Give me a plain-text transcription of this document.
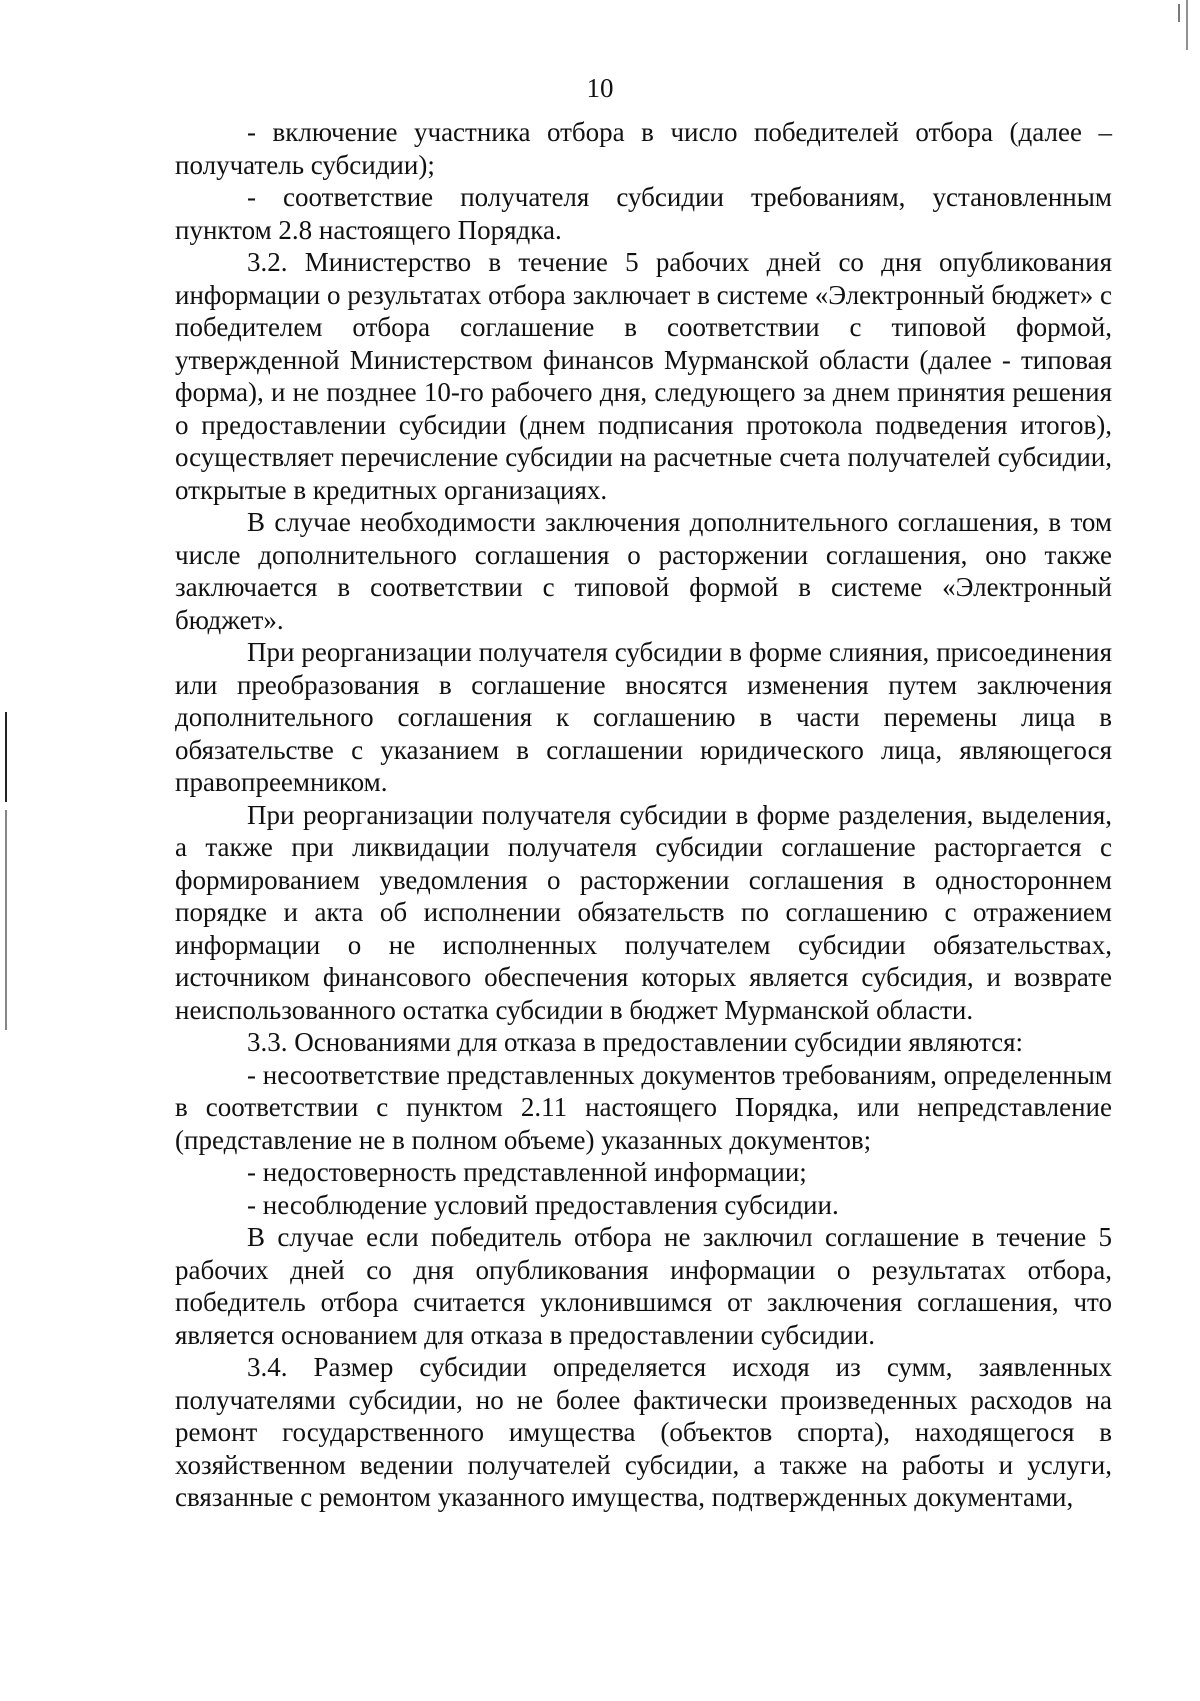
10

- включение участника отбора в число победителей отбора (далее – получатель субсидии);

- соответствие получателя субсидии требованиям, установленным пунктом 2.8 настоящего Порядка.

3.2. Министерство в течение 5 рабочих дней со дня опубликования информации о результатах отбора заключает в системе «Электронный бюджет» с победителем отбора соглашение в соответствии с типовой формой, утвержденной Министерством финансов Мурманской области (далее - типовая форма), и не позднее 10-го рабочего дня, следующего за днем принятия решения о предоставлении субсидии (днем подписания протокола подведения итогов), осуществляет перечисление субсидии на расчетные счета получателей субсидии, открытые в кредитных организациях.

В случае необходимости заключения дополнительного соглашения, в том числе дополнительного соглашения о расторжении соглашения, оно также заключается в соответствии с типовой формой в системе «Электронный бюджет».

При реорганизации получателя субсидии в форме слияния, присоединения или преобразования в соглашение вносятся изменения путем заключения дополнительного соглашения к соглашению в части перемены лица в обязательстве с указанием в соглашении юридического лица, являющегося правопреемником.

При реорганизации получателя субсидии в форме разделения, выделения, а также при ликвидации получателя субсидии соглашение расторгается с формированием уведомления о расторжении соглашения в одностороннем порядке и акта об исполнении обязательств по соглашению с отражением информации о не исполненных получателем субсидии обязательствах, источником финансового обеспечения которых является субсидия, и возврате неиспользованного остатка субсидии в бюджет Мурманской области.

3.3. Основаниями для отказа в предоставлении субсидии являются:

- несоответствие представленных документов требованиям, определенным в соответствии с пунктом 2.11 настоящего Порядка, или непредставление (представление не в полном объеме) указанных документов;

- недостоверность представленной информации;

- несоблюдение условий предоставления субсидии.

В случае если победитель отбора не заключил соглашение в течение 5 рабочих дней со дня опубликования информации о результатах отбора, победитель отбора считается уклонившимся от заключения соглашения, что является основанием для отказа в предоставлении субсидии.

3.4. Размер субсидии определяется исходя из сумм, заявленных получателями субсидии, но не более фактически произведенных расходов на ремонт государственного имущества (объектов спорта), находящегося в хозяйственном ведении получателей субсидии, а также на работы и услуги, связанные с ремонтом указанного имущества, подтвержденных документами,
